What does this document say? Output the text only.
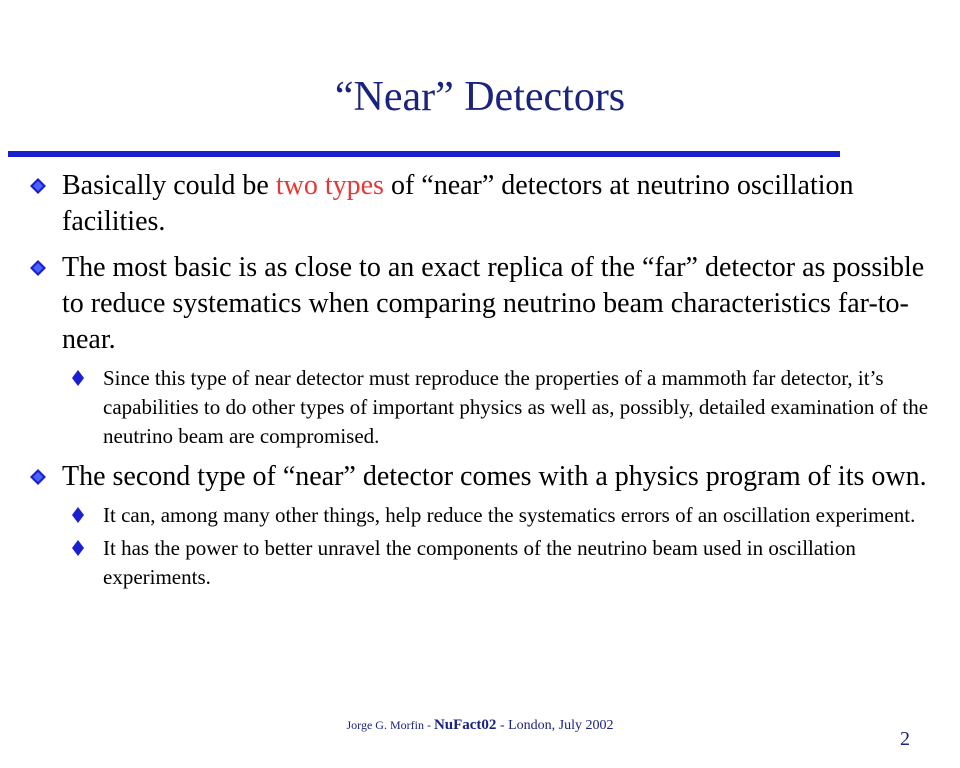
“Near” Detectors
Basically could be two types of “near” detectors at neutrino oscillation facilities.
The most basic is as close to an exact replica of the “far” detector as possible to reduce systematics when comparing neutrino beam characteristics far-to-near.
Since this type of near detector must reproduce the properties of a mammoth far detector, it’s capabilities to do other types of important physics as well as, possibly, detailed examination of the neutrino beam are compromised.
The second type of “near” detector comes with a physics program of its own.
It can, among many other things, help reduce the systematics errors of an oscillation experiment.
It has the power to better unravel the components of the neutrino beam used in oscillation experiments.
Jorge G. Morfin - NuFact02 - London, July 2002
2
